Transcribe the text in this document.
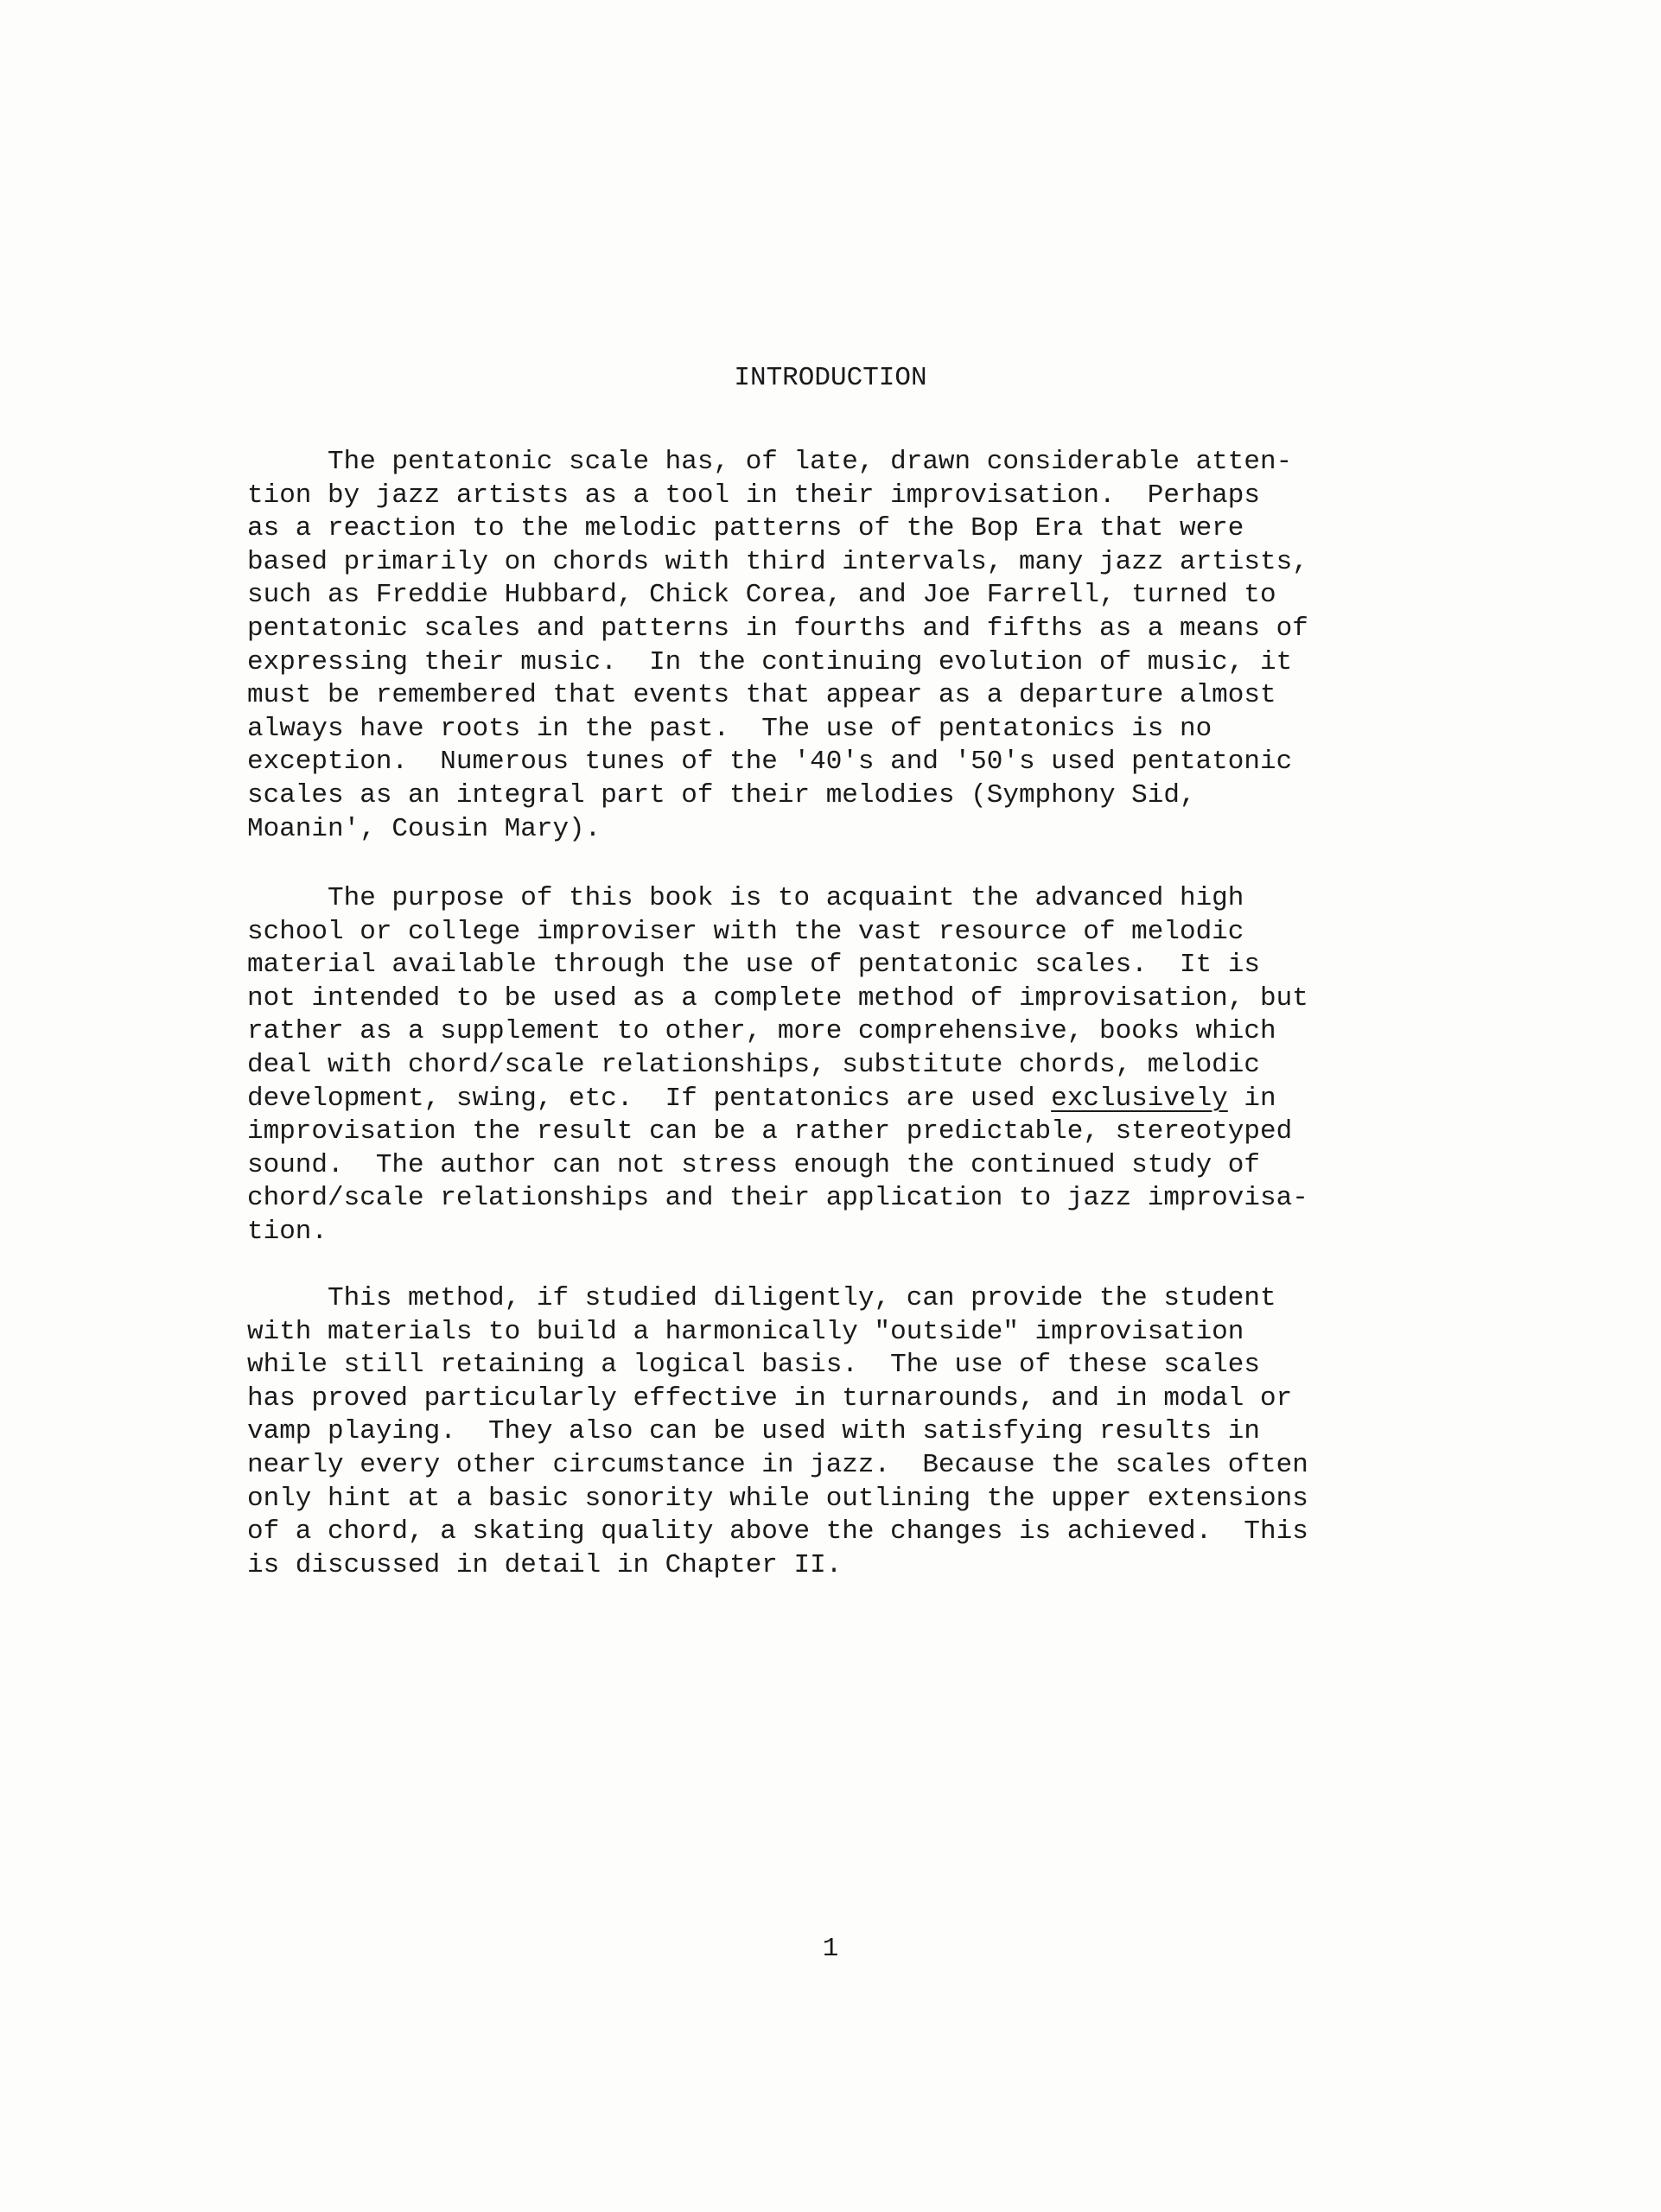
INTRODUCTION
The pentatonic scale has, of late, drawn considerable atten-
tion by jazz artists as a tool in their improvisation.  Perhaps
as a reaction to the melodic patterns of the Bop Era that were
based primarily on chords with third intervals, many jazz artists,
such as Freddie Hubbard, Chick Corea, and Joe Farrell, turned to
pentatonic scales and patterns in fourths and fifths as a means of
expressing their music.  In the continuing evolution of music, it
must be remembered that events that appear as a departure almost
always have roots in the past.  The use of pentatonics is no
exception.  Numerous tunes of the '40's and '50's used pentatonic
scales as an integral part of their melodies (Symphony Sid,
Moanin', Cousin Mary).
The purpose of this book is to acquaint the advanced high
school or college improviser with the vast resource of melodic
material available through the use of pentatonic scales.  It is
not intended to be used as a complete method of improvisation, but
rather as a supplement to other, more comprehensive, books which
deal with chord/scale relationships, substitute chords, melodic
development, swing, etc.  If pentatonics are used exclusively in
improvisation the result can be a rather predictable, stereotyped
sound.  The author can not stress enough the continued study of
chord/scale relationships and their application to jazz improvisa-
tion.
This method, if studied diligently, can provide the student
with materials to build a harmonically "outside" improvisation
while still retaining a logical basis.  The use of these scales
has proved particularly effective in turnarounds, and in modal or
vamp playing.  They also can be used with satisfying results in
nearly every other circumstance in jazz.  Because the scales often
only hint at a basic sonority while outlining the upper extensions
of a chord, a skating quality above the changes is achieved.  This
is discussed in detail in Chapter II.
1
